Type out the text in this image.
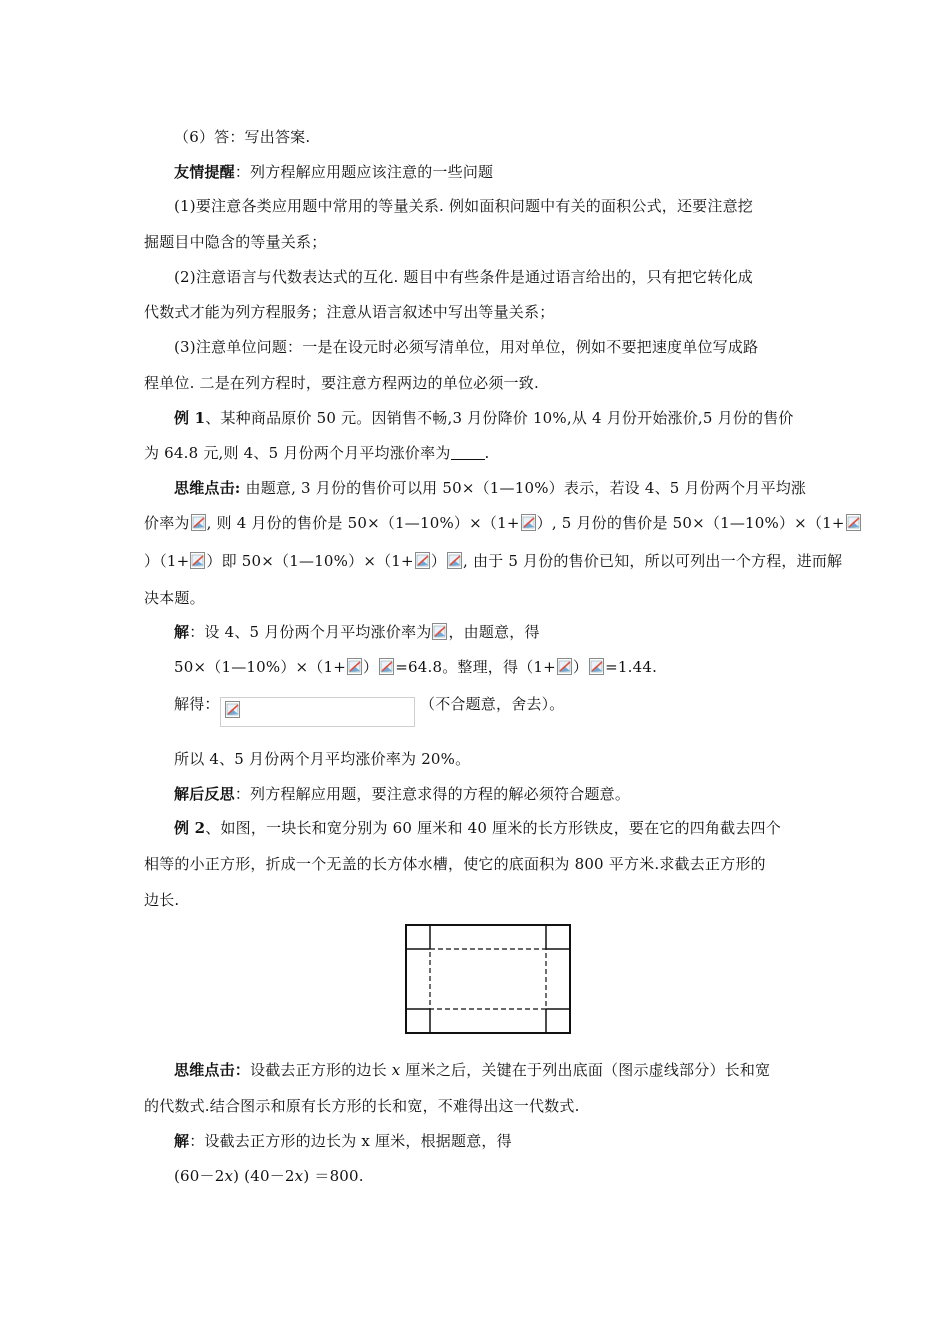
（6）答：写出答案.
友情提醒：列方程解应用题应该注意的一些问题
(1)要注意各类应用题中常用的等量关系. 例如面积问题中有关的面积公式，还要注意挖
掘题目中隐含的等量关系；
(2)注意语言与代数表达式的互化. 题目中有些条件是通过语言给出的，只有把它转化成
代数式才能为列方程服务；注意从语言叙述中写出等量关系；
(3)注意单位问题：一是在设元时必须写清单位，用对单位，例如不要把速度单位写成路
程单位. 二是在列方程时，要注意方程两边的单位必须一致.
例 1、某种商品原价 50 元。因销售不畅,3 月份降价 10%,从 4 月份开始涨价,5 月份的售价
为 64.8 元,则 4、5 月份两个月平均涨价率为 .
思维点击: 由题意, 3 月份的售价可以用 50×（1—10%）表示，若设 4、5 月份两个月平均涨
价率为 , 则 4 月份的售价是 50×（1—10%）×（1+ ）, 5 月份的售价是 50×（1—10%）×（1+
）（1+ ）即 50×（1—10%）×（1+ ） , 由于 5 月份的售价已知，所以可列出一个方程，进而解
决本题。
解：设 4、5 月份两个月平均涨价率为 ，由题意，得
50×（1—10%）×（1+ ） =64.8。整理，得（1+ ） =1.44.
解得：	（不合题意，舍去）。
所以 4、5 月份两个月平均涨价率为 20%。
解后反思：列方程解应用题，要注意求得的方程的解必须符合题意。
例 2、如图，一块长和宽分别为 60 厘米和 40 厘米的长方形铁皮，要在它的四角截去四个
相等的小正方形，折成一个无盖的长方体水槽，使它的底面积为 800 平方米.求截去正方形的
边长.
思维点击：设截去正方形的边长 x 厘米之后，关键在于列出底面（图示虚线部分）长和宽
的代数式.结合图示和原有长方形的长和宽，不难得出这一代数式.
解：设截去正方形的边长为 x 厘米，根据题意，得
(60－2x) (40－2x) ＝800.
